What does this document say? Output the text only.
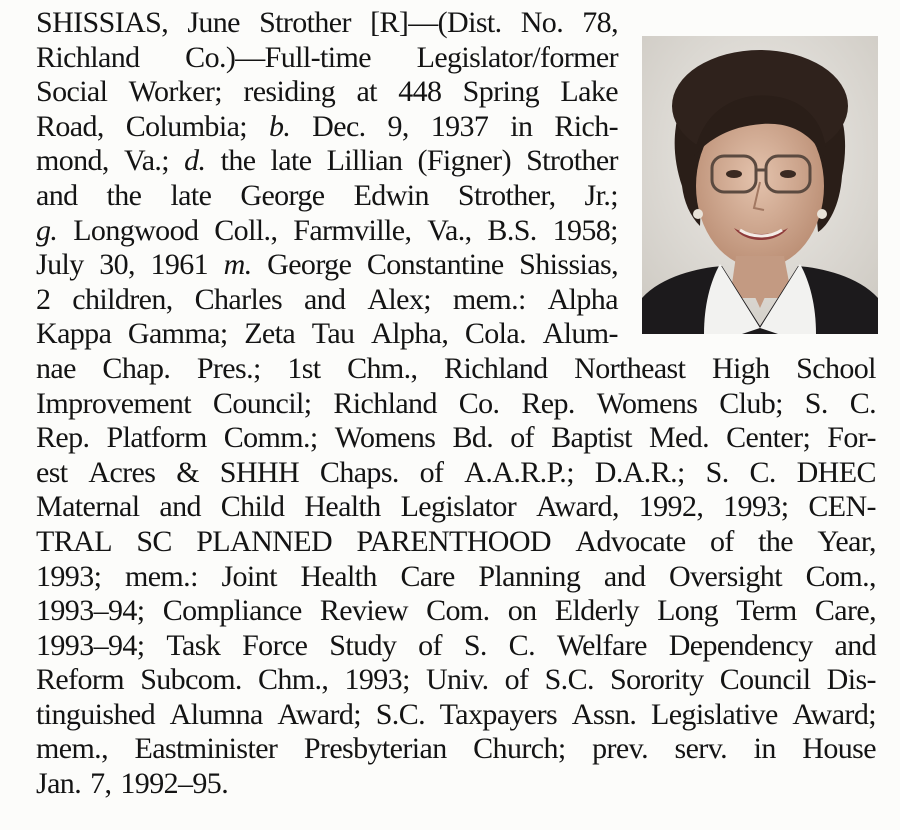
SHISSIAS, June Strother [R]—(Dist. No. 78,
Richland Co.)—Full-time Legislator/former
Social Worker; residing at 448 Spring Lake
Road, Columbia; b. Dec. 9, 1937 in Rich-
mond, Va.; d. the late Lillian (Figner) Strother
and the late George Edwin Strother, Jr.;
g. Longwood Coll., Farmville, Va., B.S. 1958;
July 30, 1961 m. George Constantine Shissias,
2 children, Charles and Alex; mem.: Alpha
Kappa Gamma; Zeta Tau Alpha, Cola. Alum-
nae Chap. Pres.; 1st Chm., Richland Northeast High School
Improvement Council; Richland Co. Rep. Womens Club; S. C.
Rep. Platform Comm.; Womens Bd. of Baptist Med. Center; For-
est Acres & SHHH Chaps. of A.A.R.P.; D.A.R.; S. C. DHEC
Maternal and Child Health Legislator Award, 1992, 1993; CEN-
TRAL SC PLANNED PARENTHOOD Advocate of the Year,
1993; mem.: Joint Health Care Planning and Oversight Com.,
1993–94; Compliance Review Com. on Elderly Long Term Care,
1993–94; Task Force Study of S. C. Welfare Dependency and
Reform Subcom. Chm., 1993; Univ. of S.C. Sorority Council Dis-
tinguished Alumna Award; S.C. Taxpayers Assn. Legislative Award;
mem., Eastminister Presbyterian Church; prev. serv. in House
Jan. 7, 1992–95.
